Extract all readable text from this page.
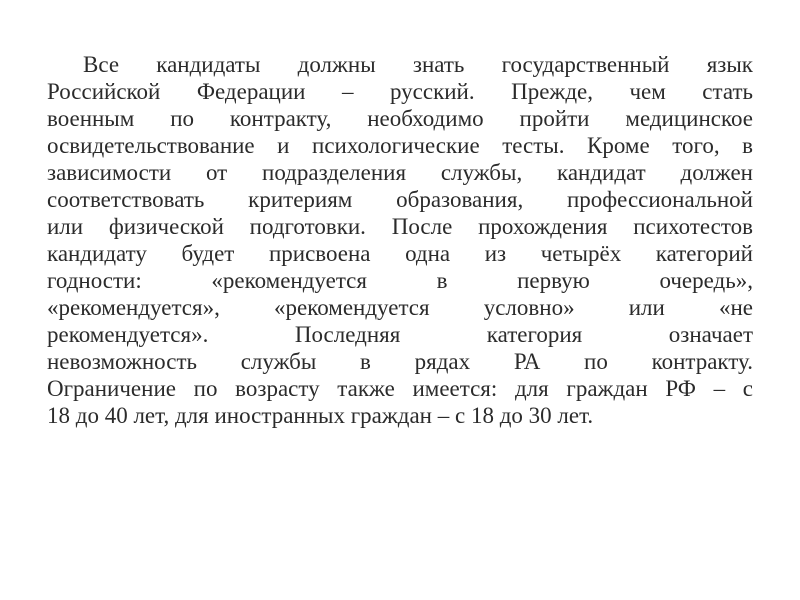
Все кандидаты должны знать государственный язык
Российской Федерации – русский. Прежде, чем стать
военным по контракту, необходимо пройти медицинское
освидетельствование и психологические тесты. Кроме того, в
зависимости от подразделения службы, кандидат должен
соответствовать критериям образования, профессиональной
или физической подготовки. После прохождения психотестов
кандидату будет присвоена одна из четырёх категорий
годности: «рекомендуется в первую очередь»,
«рекомендуется», «рекомендуется условно» или «не
рекомендуется». Последняя категория означает
невозможность службы в рядах РА по контракту.
Ограничение по возрасту также имеется: для граждан РФ – с
18 до 40 лет, для иностранных граждан – с 18 до 30 лет.
